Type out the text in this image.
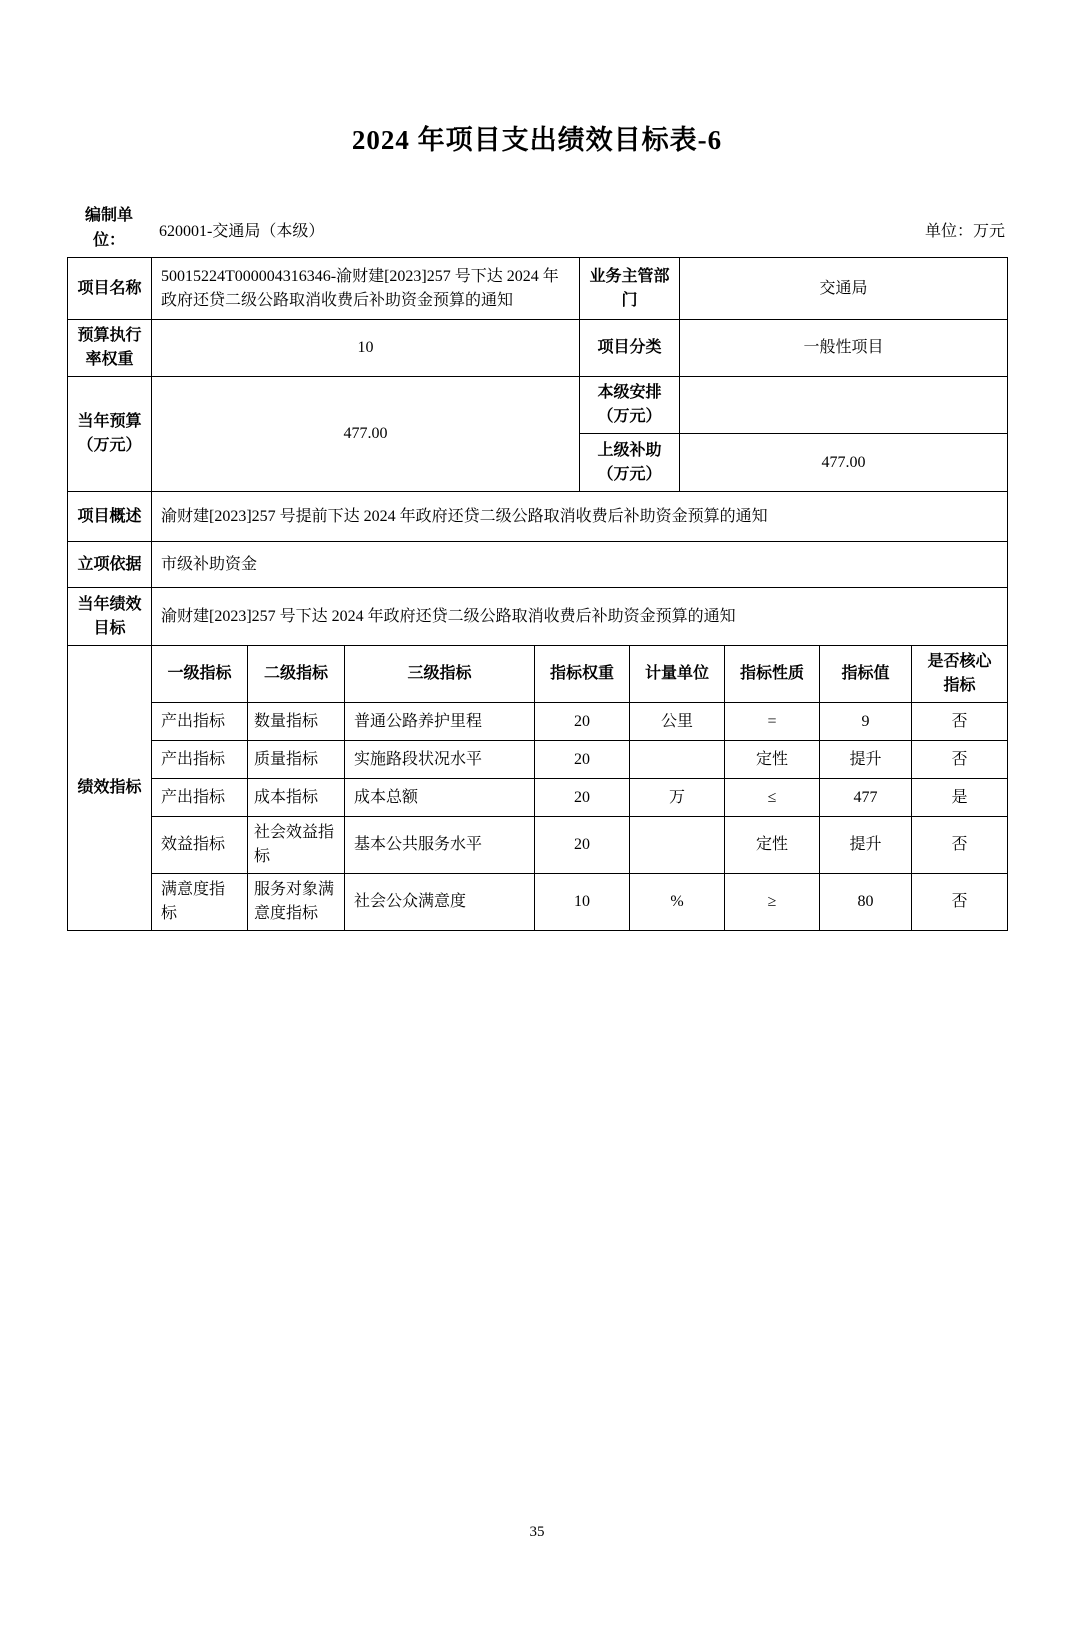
2024 年项目支出绩效目标表-6
编制单位：
620001-交通局（本级）	单位：万元
项目名称	50015224T000004316346-渝财建[2023]257 号下达 2024 年政府还贷二级公路取消收费后补助资金预算的通知	业务主管部门	交通局
预算执行率权重	10	项目分类	一般性项目
当年预算（万元）	477.00	本级安排（万元）	
		上级补助（万元）	477.00
项目概述	渝财建[2023]257 号提前下达 2024 年政府还贷二级公路取消收费后补助资金预算的通知		
立项依据	市级补助资金		
当年绩效目标	渝财建[2023]257 号下达 2024 年政府还贷二级公路取消收费后补助资金预算的通知		
绩效指标	一级指标	二级指标	三级指标	指标权重	计量单位	指标性质	指标值	是否核心指标
	产出指标	数量指标	普通公路养护里程	20	公里	=	9	否
	产出指标	质量指标	实施路段状况水平	20		定性	提升	否
	产出指标	成本指标	成本总额	20	万	≤	477	是
	效益指标	社会效益指标	基本公共服务水平	20		定性	提升	否
	满意度指标	服务对象满意度指标	社会公众满意度	10	%	≥	80	否
35
